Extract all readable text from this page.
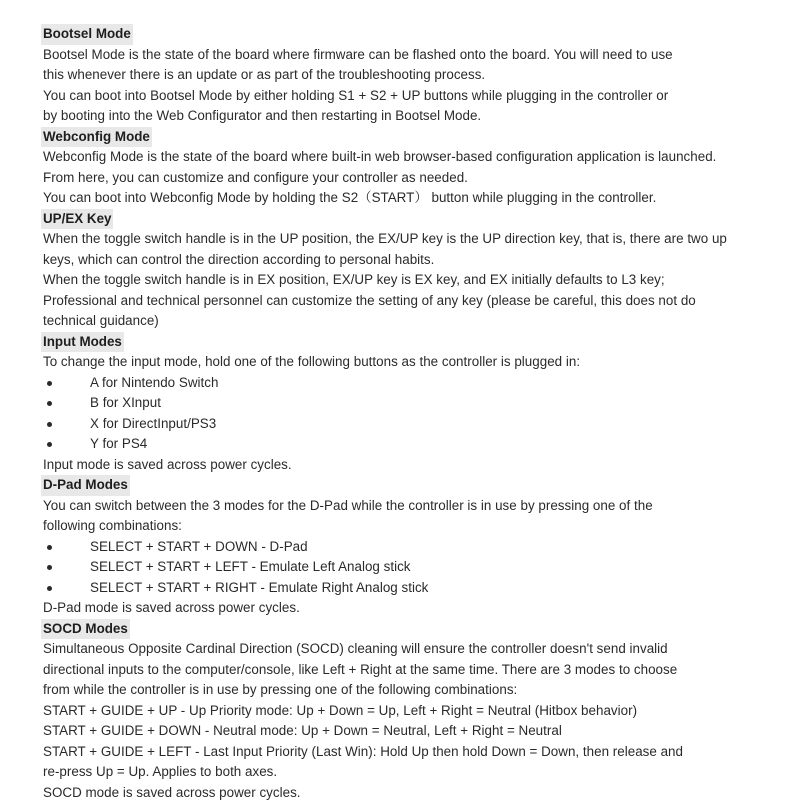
Bootsel Mode
Bootsel Mode is the state of the board where firmware can be flashed onto the board. You will need to use
this whenever there is an update or as part of the troubleshooting process.
You can boot into Bootsel Mode by either holding S1 + S2 + UP buttons while plugging in the controller or
by booting into the Web Configurator and then restarting in Bootsel Mode.
Webconfig Mode
Webconfig Mode is the state of the board where built-in web browser-based configuration application is launched.
From here, you can customize and configure your controller as needed.
You can boot into Webconfig Mode by holding the S2（START） button while plugging in the controller.
UP/EX Key
When the toggle switch handle is in the UP position, the EX/UP key is the UP direction key, that is, there are two up
keys, which can control the direction according to personal habits.
When the toggle switch handle is in EX position, EX/UP key is EX key, and EX initially defaults to L3 key;
Professional and technical personnel can customize the setting of any key (please be careful, this does not do
technical guidance)
Input Modes
To change the input mode, hold one of the following buttons as the controller is plugged in:
A for Nintendo Switch
B for XInput
X for DirectInput/PS3
Y for PS4
Input mode is saved across power cycles.
D-Pad Modes
You can switch between the 3 modes for the D-Pad while the controller is in use by pressing one of the
following combinations:
SELECT + START + DOWN - D-Pad
SELECT + START + LEFT - Emulate Left Analog stick
SELECT + START + RIGHT - Emulate Right Analog stick
D-Pad mode is saved across power cycles.
SOCD Modes
Simultaneous Opposite Cardinal Direction (SOCD) cleaning will ensure the controller doesn't send invalid
directional inputs to the computer/console, like Left + Right at the same time. There are 3 modes to choose
from while the controller is in use by pressing one of the following combinations:
START + GUIDE + UP - Up Priority mode: Up + Down = Up, Left + Right = Neutral (Hitbox behavior)
START + GUIDE + DOWN - Neutral mode: Up + Down = Neutral, Left + Right = Neutral
START + GUIDE + LEFT - Last Input Priority (Last Win): Hold Up then hold Down = Down, then release and
re-press Up = Up. Applies to both axes.
SOCD mode is saved across power cycles.
